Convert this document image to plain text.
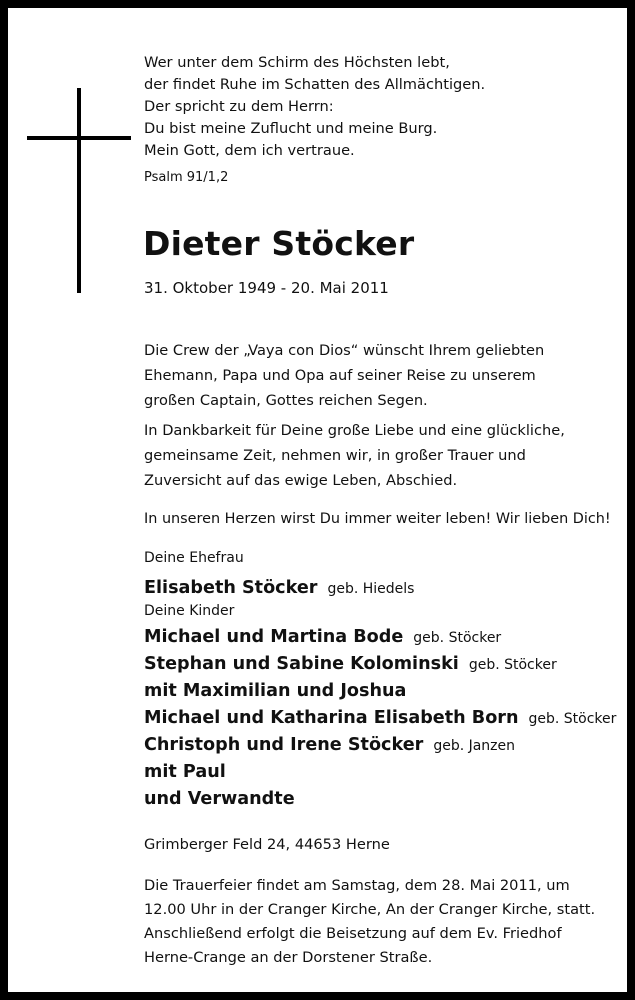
Wer unter dem Schirm des Höchsten lebt,
der findet Ruhe im Schatten des Allmächtigen.
Der spricht zu dem Herrn:
Du bist meine Zuflucht und meine Burg.
Mein Gott, dem ich vertraue.
Psalm 91/1,2
Dieter Stöcker
31. Oktober 1949 - 20. Mai 2011
Die Crew der „Vaya con Dios“ wünscht Ihrem geliebten
Ehemann, Papa und Opa auf seiner Reise zu unserem
großen Captain, Gottes reichen Segen.
In Dankbarkeit für Deine große Liebe und eine glückliche,
gemeinsame Zeit, nehmen wir, in großer Trauer und
Zuversicht auf das ewige Leben, Abschied.
In unseren Herzen wirst Du immer weiter leben! Wir lieben Dich!
Deine Ehefrau
Elisabeth Stöcker geb. Hiedels
Deine Kinder
Michael und Martina Bode geb. Stöcker
Stephan und Sabine Kolominski geb. Stöcker
mit Maximilian und Joshua
Michael und Katharina Elisabeth Born geb. Stöcker
Christoph und Irene Stöcker geb. Janzen
mit Paul
und Verwandte
Grimberger Feld 24, 44653 Herne
Die Trauerfeier findet am Samstag, dem 28. Mai 2011, um
12.00 Uhr in der Cranger Kirche, An der Cranger Kirche, statt.
Anschließend erfolgt die Beisetzung auf dem Ev. Friedhof
Herne-Crange an der Dorstener Straße.
